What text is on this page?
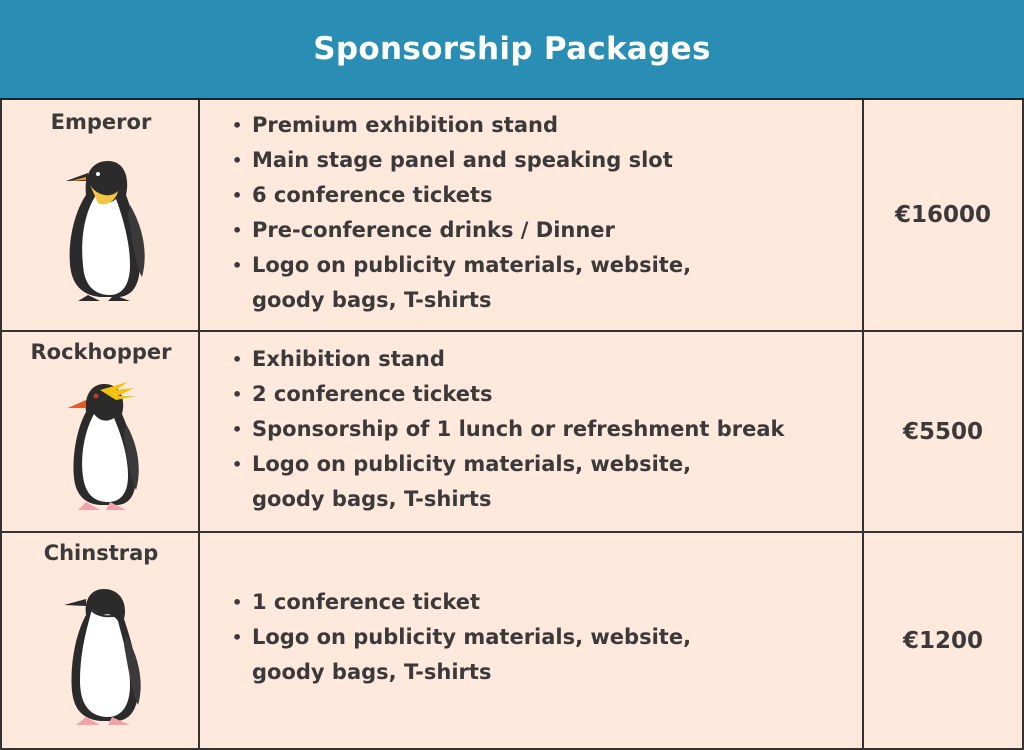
Sponsorship Packages
Emperor	• Premium exhibition stand
• Main stage panel and speaking slot
• 6 conference tickets
• Pre-conference drinks / Dinner
• Logo on publicity materials, website,
goody bags, T-shirts
€16000
Rockhopper	• Exhibition stand
• 2 conference tickets
• Sponsorship of 1 lunch or refreshment break
• Logo on publicity materials, website,
goody bags, T-shirts
€5500
Chinstrap
• 1 conference ticket
• Logo on publicity materials, website,
goody bags, T-shirts
€1200
